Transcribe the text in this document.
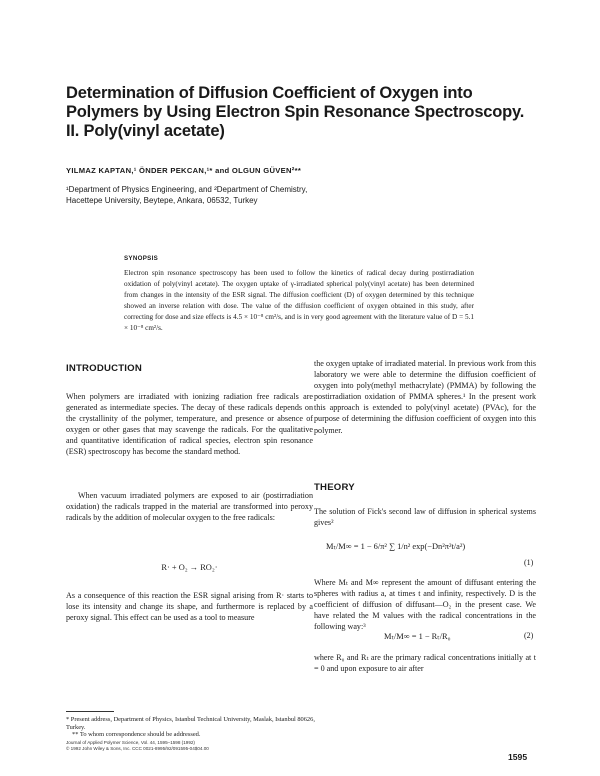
Determination of Diffusion Coefficient of Oxygen into
Polymers by Using Electron Spin Resonance Spectroscopy.
II. Poly(vinyl acetate)
YILMAZ KAPTAN,¹ ÖNDER PEKCAN,¹* and OLGUN GÜVEN²**
¹Department of Physics Engineering, and ²Department of Chemistry,
Hacettepe University, Beytepe, Ankara, 06532, Turkey
SYNOPSIS

Electron spin resonance spectroscopy has been used to follow the kinetics of radical decay during postirradiation oxidation of poly(vinyl acetate). The oxygen uptake of γ-irradiated spherical poly(vinyl acetate) has been determined from changes in the intensity of the ESR signal. The diffusion coefficient (D) of oxygen determined by this technique showed an inverse relation with dose. The value of the diffusion coefficient of oxygen obtained in this study, after correcting for dose and size effects is 4.5 × 10⁻⁸ cm²/s, and is in very good agreement with the literature value of D = 5.1 × 10⁻⁸ cm²/s.

INTRODUCTION

When polymers are irradiated with ionizing radiation free radicals are generated as intermediate species. The decay of these radicals depends on the crystallinity of the polymer, temperature, and presence or absence of oxygen or other gases that may scavenge the radicals. For the qualitative and quantitative identification of radical species, electron spin resonance (ESR) spectroscopy has become the standard method.

When vacuum irradiated polymers are exposed to air (postirradiation oxidation) the radicals trapped in the material are transformed into peroxy radicals by the addition of molecular oxygen to the free radicals:

R· + O₂ → RO₂·

As a consequence of this reaction the ESR signal arising from R· starts to lose its intensity and change its shape, and furthermore is replaced by a peroxy signal. This effect can be used as a tool to measure

* Present address, Department of Physics, Istanbul Technical University, Maslak, Istanbul 80626, Turkey.
** To whom correspondence should be addressed.
Journal of Applied Polymer Science, Vol. 44, 1595–1598 (1992)
© 1992 John Wiley & Sons, Inc. CCC 0021-8995/92/091595-04$04.00

the oxygen uptake of irradiated material. In previous work from this laboratory we were able to determine the diffusion coefficient of oxygen into poly(methyl methacrylate) (PMMA) by following the postirradiation oxidation of PMMA spheres.¹ In the present work this approach is extended to poly(vinyl acetate) (PVAc), for the purpose of determining the diffusion coefficient of oxygen into this polymer.

THEORY

The solution of Fick's second law of diffusion in spherical systems gives²

Mₜ/M∞ = 1 − 6/π² ∑ 1/n² exp(−Dn²π²t/a²)
(1)

Where Mₜ and M∞ represent the amount of diffusant entering the spheres with radius a, at times t and infinity, respectively. D is the coefficient of diffusion of diffusant—O₂ in the present case. We have related the M values with the radical concentrations in the following way:³

Mₜ/M∞ = 1 − Rₜ/R₀	(2)

where R₀ and Rₜ are the primary radical concentrations initially at t = 0 and upon exposure to air after

1595
